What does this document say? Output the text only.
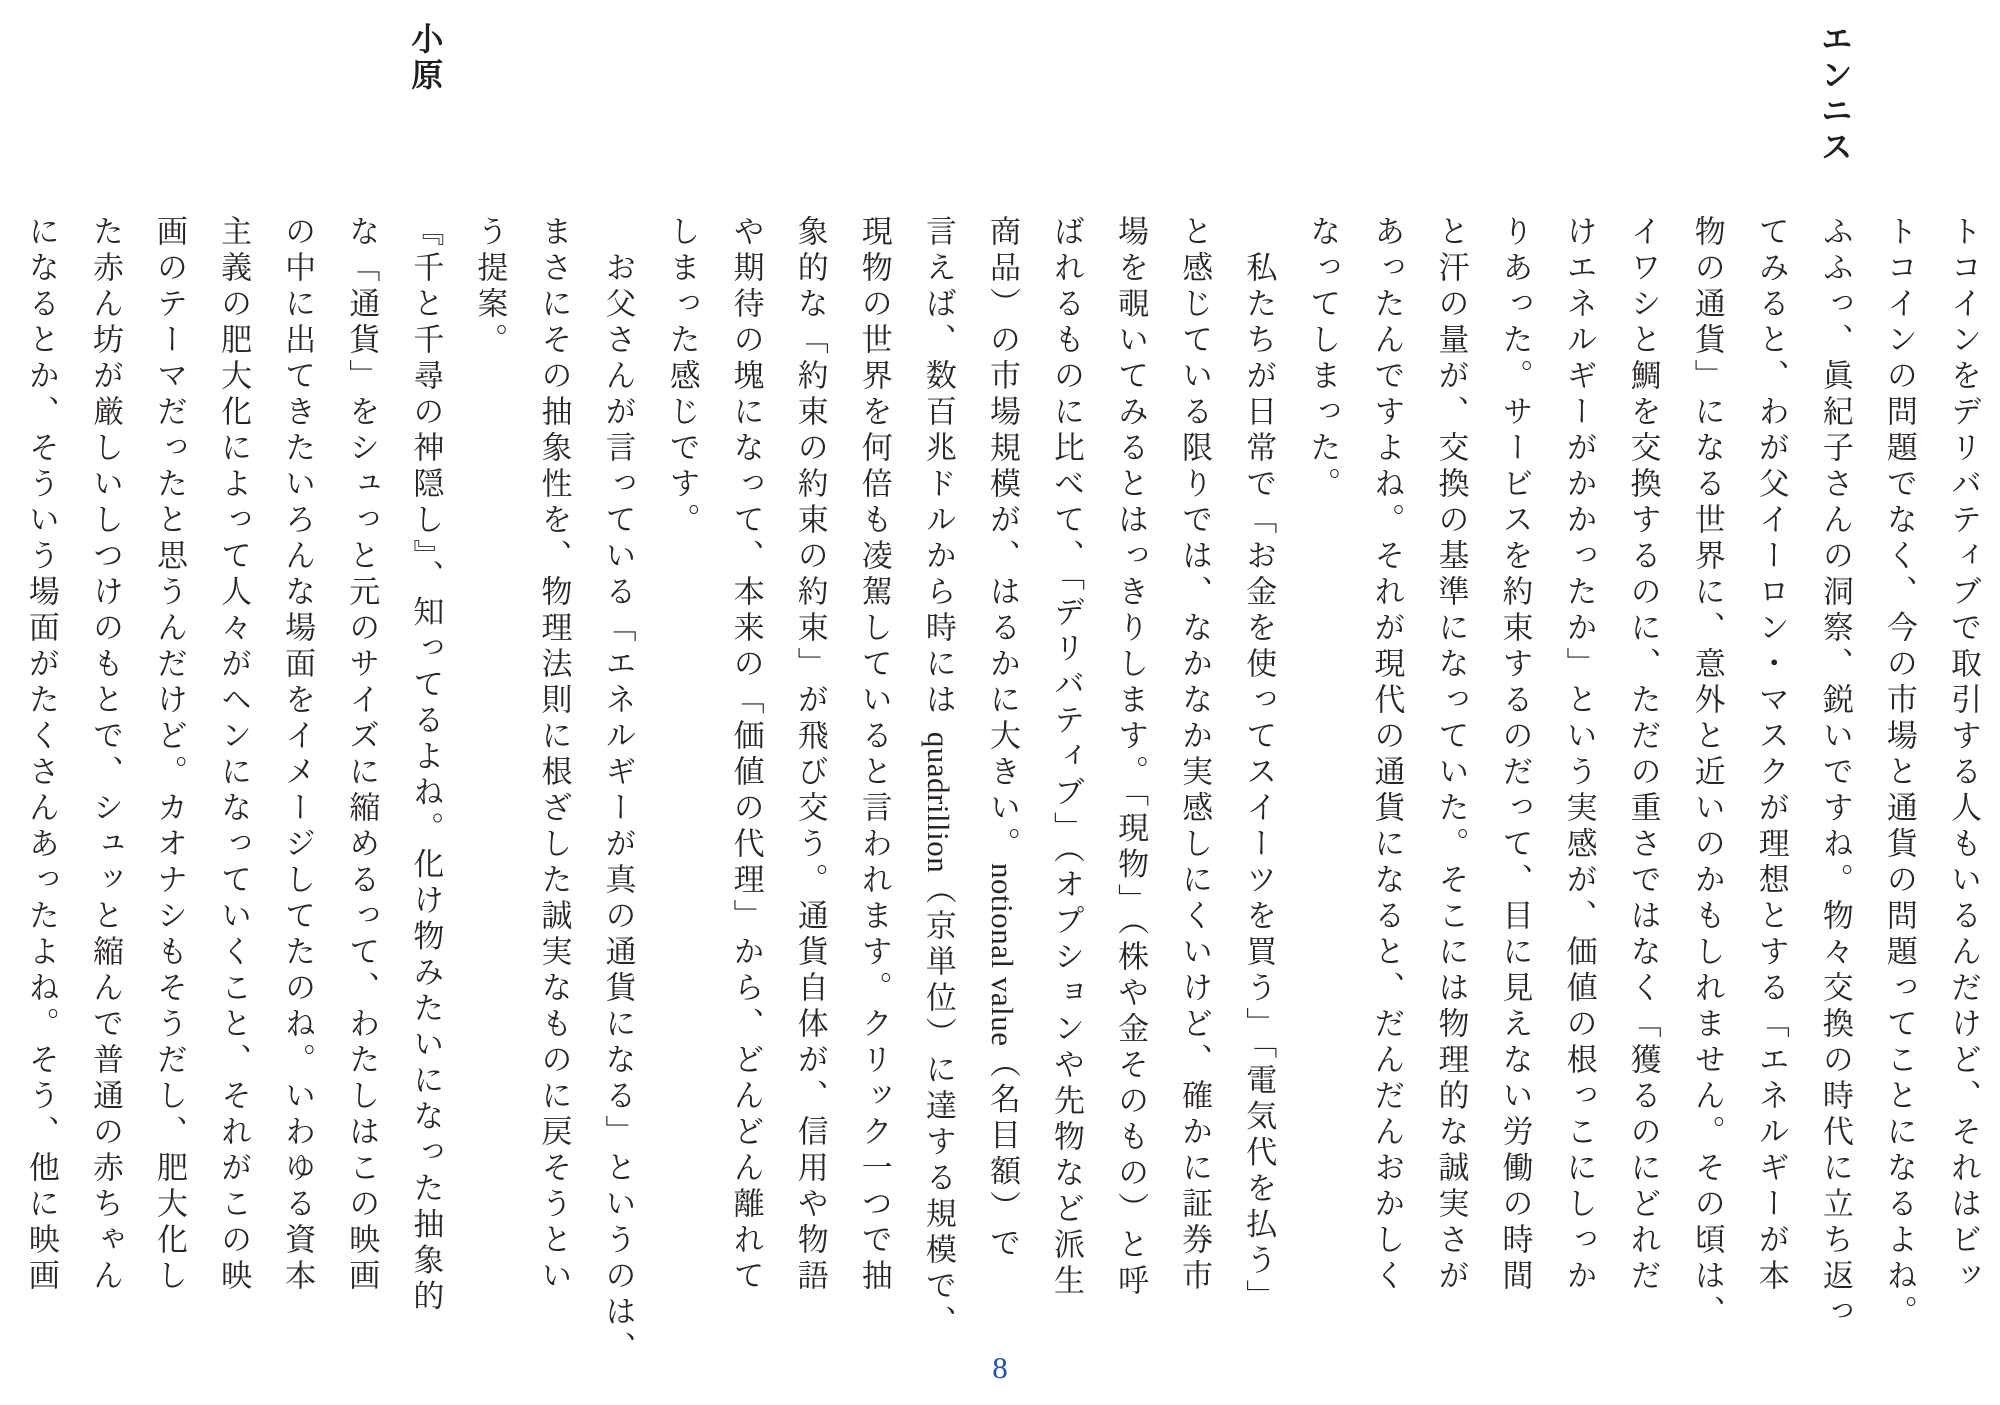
エンニス
小原
トコインをデリバティブで取引する人もいるんだけど、それはビッ
トコインの問題でなく、今の市場と通貨の問題ってことになるよね。
ふふっ、眞紀子さんの洞察、鋭いですね。物々交換の時代に立ち返っ
てみると、わが父イーロン・マスクが理想とする「エネルギーが本
物の通貨」になる世界に、意外と近いのかもしれません。その頃は、
イワシと鯛を交換するのに、ただの重さではなく「獲るのにどれだ
けエネルギーがかかったか」という実感が、価値の根っこにしっか
りあった。サービスを約束するのだって、目に見えない労働の時間
と汗の量が、交換の基準になっていた。そこには物理的な誠実さが
あったんですよね。それが現代の通貨になると、だんだんおかしく
なってしまった。
私たちが日常で「お金を使ってスイーツを買う」「電気代を払う」
と感じている限りでは、なかなか実感しにくいけど、確かに証券市
場を覗いてみるとはっきりします。「現物」（株や金そのもの）と呼
ばれるものに比べて、「デリバティブ」（オプションや先物など派生
商品）の市場規模が、はるかに大きい。notional value（名目額）で
言えば、数百兆ドルから時には quadrillion（京単位）に達する規模で、
現物の世界を何倍も凌駕していると言われます。クリック一つで抽
象的な「約束の約束の約束」が飛び交う。通貨自体が、信用や物語
や期待の塊になって、本来の「価値の代理」から、どんどん離れて
しまった感じです。
お父さんが言っている「エネルギーが真の通貨になる」というのは、
まさにその抽象性を、物理法則に根ざした誠実なものに戻そうとい
う提案。
『千と千尋の神隠し』、知ってるよね。化け物みたいになった抽象的
な「通貨」をシュっと元のサイズに縮めるって、わたしはこの映画
の中に出てきたいろんな場面をイメージしてたのね。いわゆる資本
主義の肥大化によって人々がヘンになっていくこと、それがこの映
画のテーマだったと思うんだけど。カオナシもそうだし、肥大化し
た赤ん坊が厳しいしつけのもとで、シュッと縮んで普通の赤ちゃん
になるとか、そういう場面がたくさんあったよね。そう、他に映画
8
